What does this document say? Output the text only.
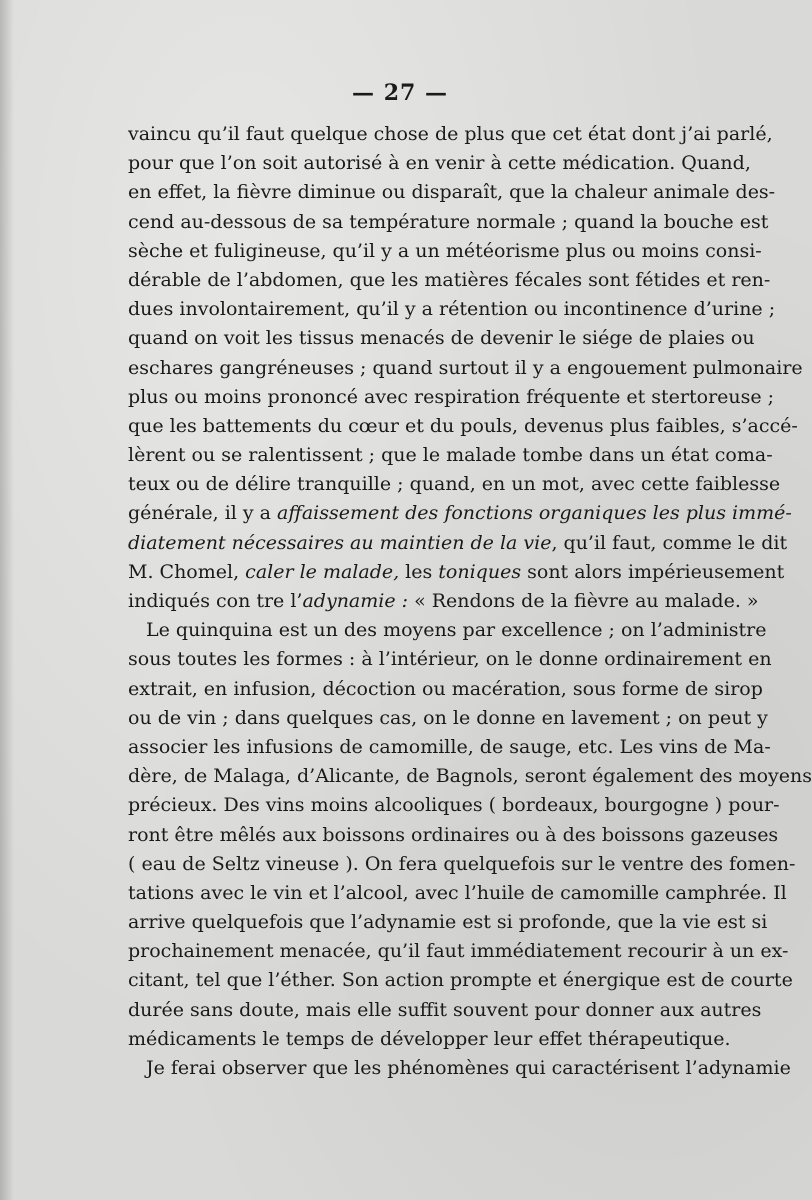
— 27 —
vaincu qu’il faut quelque chose de plus que cet état dont j’ai parlé,
pour que l’on soit autorisé à en venir à cette médication. Quand,
en effet, la fièvre diminue ou disparaît, que la chaleur animale des-
cend au-dessous de sa température normale ; quand la bouche est
sèche et fuligineuse, qu’il y a un météorisme plus ou moins consi-
dérable de l’abdomen, que les matières fécales sont fétides et ren-
dues involontairement, qu’il y a rétention ou incontinence d’urine ;
quand on voit les tissus menacés de devenir le siége de plaies ou
eschares gangréneuses ; quand surtout il y a engouement pulmonaire
plus ou moins prononcé avec respiration fréquente et stertoreuse ;
que les battements du cœur et du pouls, devenus plus faibles, s’accé-
lèrent ou se ralentissent ; que le malade tombe dans un état coma-
teux ou de délire tranquille ; quand, en un mot, avec cette faiblesse
générale, il y a affaissement des fonctions organiques les plus immé-
diatement nécessaires au maintien de la vie, qu’il faut, comme le dit
M. Chomel, caler le malade, les toniques sont alors impérieusement
indiqués con tre l’adynamie : « Rendons de la fièvre au malade. »
Le quinquina est un des moyens par excellence ; on l’administre
sous toutes les formes : à l’intérieur, on le donne ordinairement en
extrait, en infusion, décoction ou macération, sous forme de sirop
ou de vin ; dans quelques cas, on le donne en lavement ; on peut y
associer les infusions de camomille, de sauge, etc. Les vins de Ma-
dère, de Malaga, d’Alicante, de Bagnols, seront également des moyens
précieux. Des vins moins alcooliques ( bordeaux, bourgogne ) pour-
ront être mêlés aux boissons ordinaires ou à des boissons gazeuses
( eau de Seltz vineuse ). On fera quelquefois sur le ventre des fomen-
tations avec le vin et l’alcool, avec l’huile de camomille camphrée. Il
arrive quelquefois que l’adynamie est si profonde, que la vie est si
prochainement menacée, qu’il faut immédiatement recourir à un ex-
citant, tel que l’éther. Son action prompte et énergique est de courte
durée sans doute, mais elle suffit souvent pour donner aux autres
médicaments le temps de développer leur effet thérapeutique.
Je ferai observer que les phénomènes qui caractérisent l’adynamie
